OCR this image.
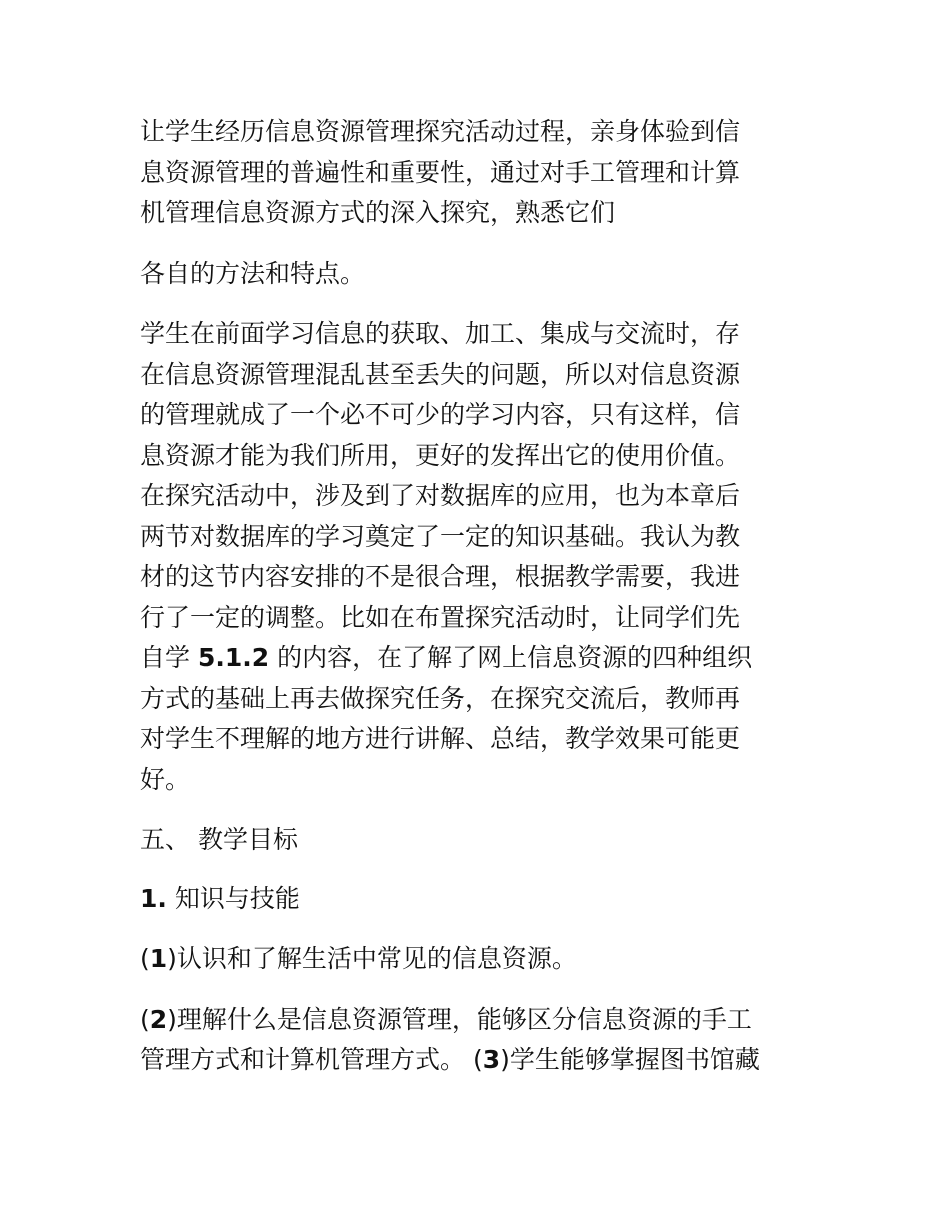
让学生经历信息资源管理探究活动过程，亲身体验到信
息资源管理的普遍性和重要性，通过对手工管理和计算
机管理信息资源方式的深入探究，熟悉它们

各自的方法和特点。

学生在前面学习信息的获取、加工、集成与交流时，存
在信息资源管理混乱甚至丢失的问题，所以对信息资源
的管理就成了一个必不可少的学习内容，只有这样，信
息资源才能为我们所用，更好的发挥出它的使用价值。
在探究活动中，涉及到了对数据库的应用，也为本章后
两节对数据库的学习奠定了一定的知识基础。我认为教
材的这节内容安排的不是很合理，根据教学需要，我进
行了一定的调整。比如在布置探究活动时，让同学们先
自学 5.1.2 的内容，在了解了网上信息资源的四种组织
方式的基础上再去做探究任务，在探究交流后，教师再
对学生不理解的地方进行讲解、总结，教学效果可能更
好。

五、 教学目标

1. 知识与技能

(1)认识和了解生活中常见的信息资源。

(2)理解什么是信息资源管理，能够区分信息资源的手工
管理方式和计算机管理方式。 (3)学生能够掌握图书馆藏
